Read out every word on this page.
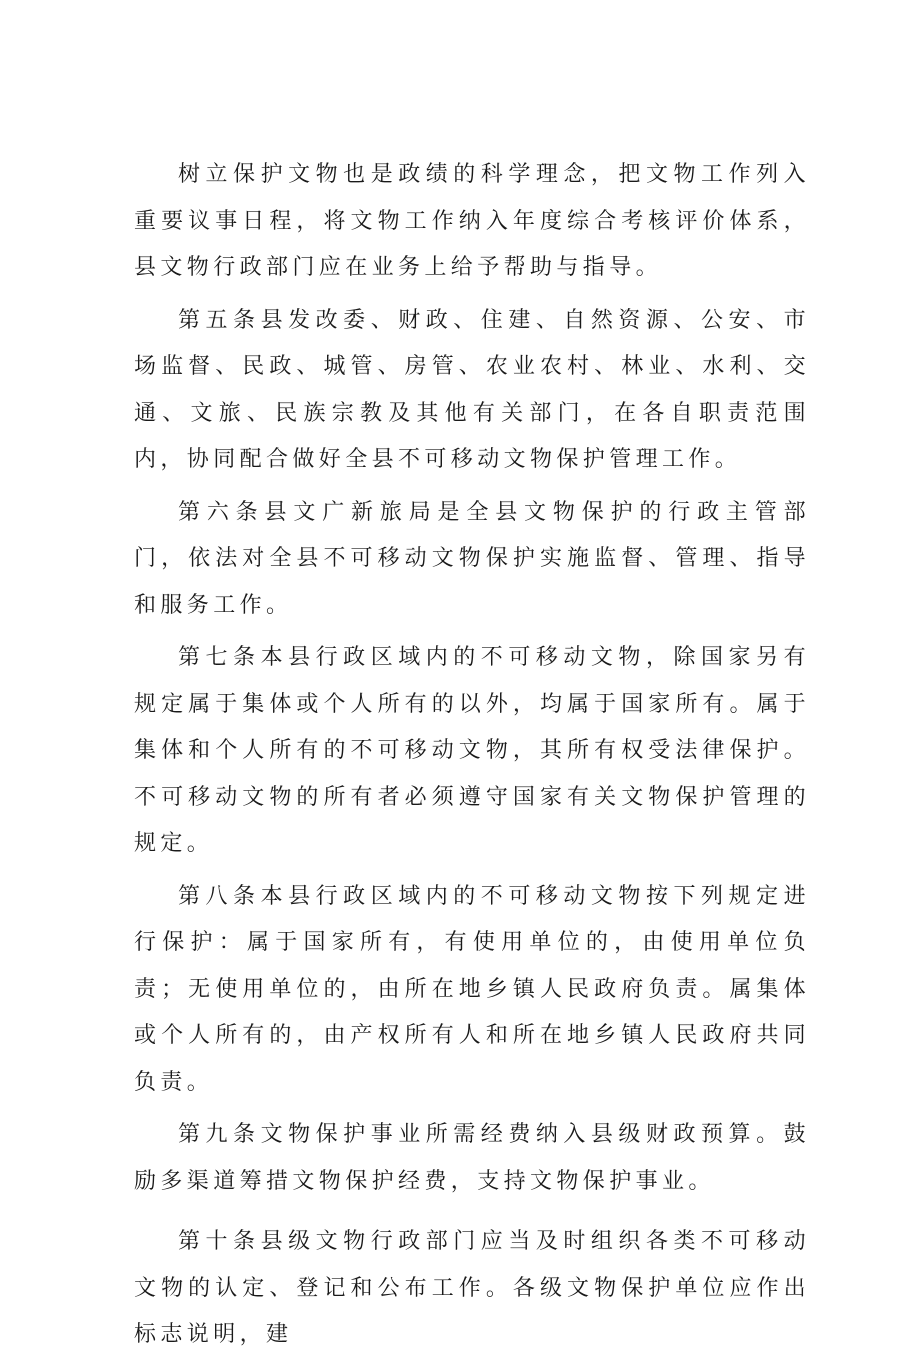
树立保护文物也是政绩的科学理念，把文物工作列入重要议事日程，将文物工作纳入年度综合考核评价体系，县文物行政部门应在业务上给予帮助与指导。

第五条县发改委、财政、住建、自然资源、公安、市场监督、民政、城管、房管、农业农村、林业、水利、交通、文旅、民族宗教及其他有关部门，在各自职责范围内，协同配合做好全县不可移动文物保护管理工作。

第六条县文广新旅局是全县文物保护的行政主管部门，依法对全县不可移动文物保护实施监督、管理、指导和服务工作。

第七条本县行政区域内的不可移动文物，除国家另有规定属于集体或个人所有的以外，均属于国家所有。属于集体和个人所有的不可移动文物，其所有权受法律保护。不可移动文物的所有者必须遵守国家有关文物保护管理的规定。

第八条本县行政区域内的不可移动文物按下列规定进行保护：属于国家所有，有使用单位的，由使用单位负责；无使用单位的，由所在地乡镇人民政府负责。属集体或个人所有的，由产权所有人和所在地乡镇人民政府共同负责。

第九条文物保护事业所需经费纳入县级财政预算。鼓励多渠道筹措文物保护经费，支持文物保护事业。

第十条县级文物行政部门应当及时组织各类不可移动文物的认定、登记和公布工作。各级文物保护单位应作出标志说明，建
